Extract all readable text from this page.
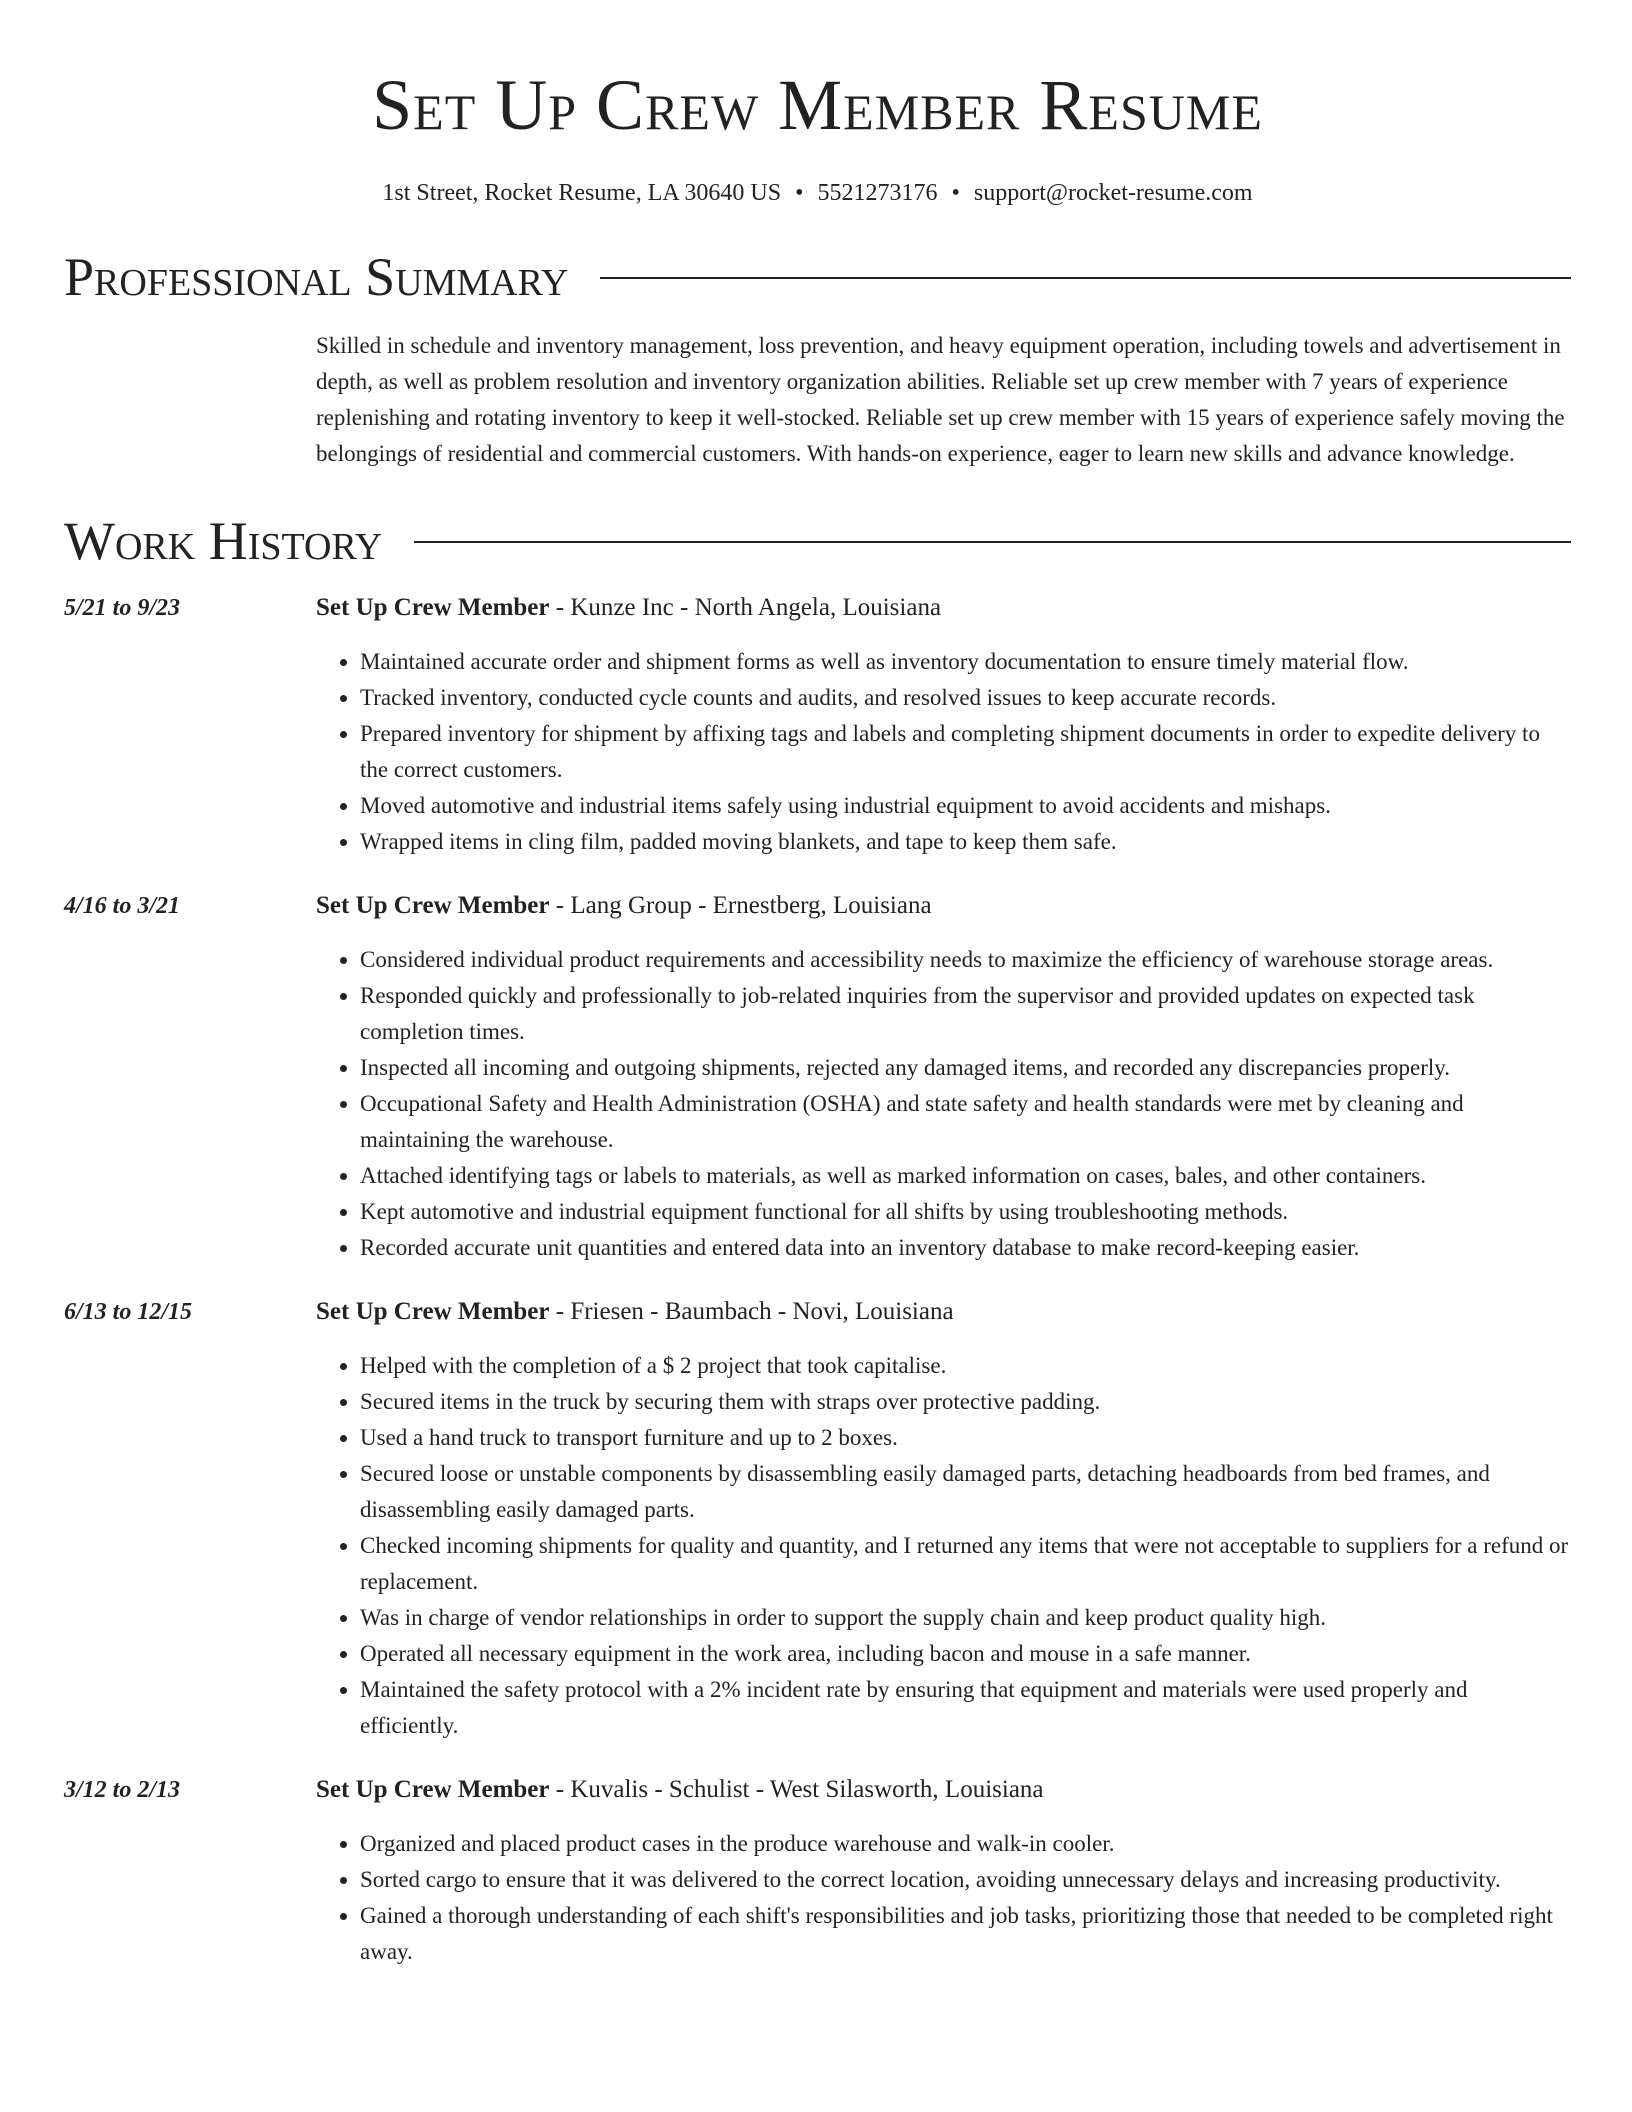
Set Up Crew Member Resume
1st Street, Rocket Resume, LA 30640 US • 5521273176 • support@rocket-resume.com
Professional Summary
Skilled in schedule and inventory management, loss prevention, and heavy equipment operation, including towels and advertisement in depth, as well as problem resolution and inventory organization abilities. Reliable set up crew member with 7 years of experience replenishing and rotating inventory to keep it well-stocked. Reliable set up crew member with 15 years of experience safely moving the belongings of residential and commercial customers. With hands-on experience, eager to learn new skills and advance knowledge.
Work History
5/21 to 9/23	Set Up Crew Member - Kunze Inc - North Angela, Louisiana
• Maintained accurate order and shipment forms as well as inventory documentation to ensure timely material flow.
• Tracked inventory, conducted cycle counts and audits, and resolved issues to keep accurate records.
• Prepared inventory for shipment by affixing tags and labels and completing shipment documents in order to expedite delivery to the correct customers.
• Moved automotive and industrial items safely using industrial equipment to avoid accidents and mishaps.
• Wrapped items in cling film, padded moving blankets, and tape to keep them safe.
4/16 to 3/21	Set Up Crew Member - Lang Group - Ernestberg, Louisiana
• Considered individual product requirements and accessibility needs to maximize the efficiency of warehouse storage areas.
• Responded quickly and professionally to job-related inquiries from the supervisor and provided updates on expected task completion times.
• Inspected all incoming and outgoing shipments, rejected any damaged items, and recorded any discrepancies properly.
• Occupational Safety and Health Administration (OSHA) and state safety and health standards were met by cleaning and maintaining the warehouse.
• Attached identifying tags or labels to materials, as well as marked information on cases, bales, and other containers.
• Kept automotive and industrial equipment functional for all shifts by using troubleshooting methods.
• Recorded accurate unit quantities and entered data into an inventory database to make record-keeping easier.
6/13 to 12/15	Set Up Crew Member - Friesen - Baumbach - Novi, Louisiana
• Helped with the completion of a $ 2 project that took capitalise.
• Secured items in the truck by securing them with straps over protective padding.
• Used a hand truck to transport furniture and up to 2 boxes.
• Secured loose or unstable components by disassembling easily damaged parts, detaching headboards from bed frames, and disassembling easily damaged parts.
• Checked incoming shipments for quality and quantity, and I returned any items that were not acceptable to suppliers for a refund or replacement.
• Was in charge of vendor relationships in order to support the supply chain and keep product quality high.
• Operated all necessary equipment in the work area, including bacon and mouse in a safe manner.
• Maintained the safety protocol with a 2% incident rate by ensuring that equipment and materials were used properly and efficiently.
3/12 to 2/13	Set Up Crew Member - Kuvalis - Schulist - West Silasworth, Louisiana
• Organized and placed product cases in the produce warehouse and walk-in cooler.
• Sorted cargo to ensure that it was delivered to the correct location, avoiding unnecessary delays and increasing productivity.
• Gained a thorough understanding of each shift's responsibilities and job tasks, prioritizing those that needed to be completed right away.
